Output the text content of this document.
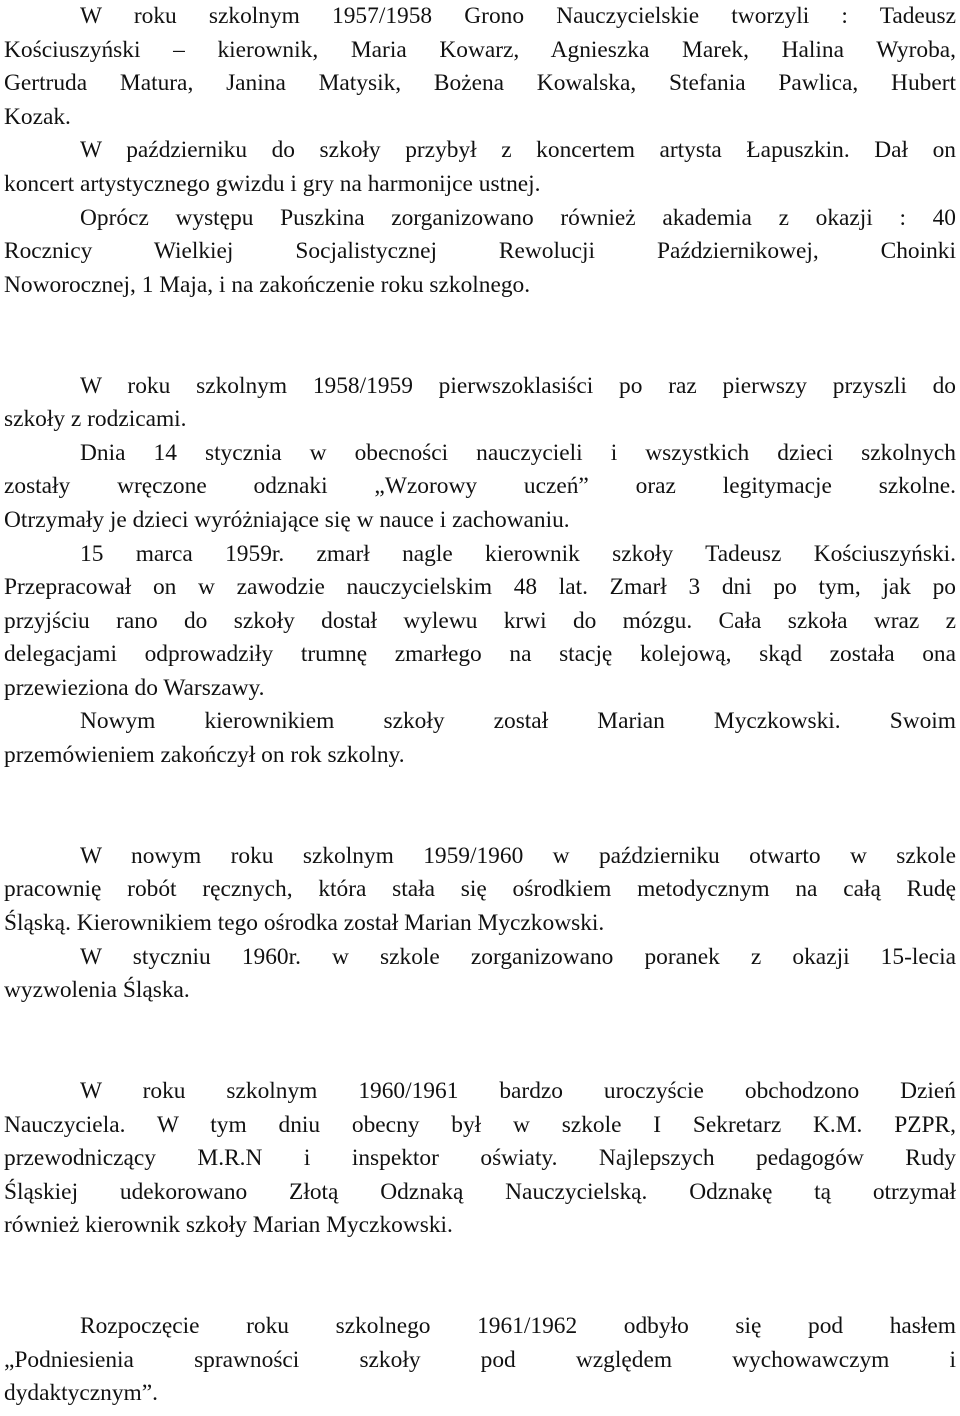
W roku szkolnym 1957/1958 Grono Nauczycielskie tworzyli : Tadeusz
Kościuszyński – kierownik, Maria Kowarz, Agnieszka Marek, Halina Wyroba,
Gertruda Matura, Janina Matysik, Bożena Kowalska, Stefania Pawlica, Hubert
Kozak.
W październiku do szkoły przybył z koncertem artysta Łapuszkin. Dał on
koncert artystycznego gwizdu i gry na harmonijce ustnej.
Oprócz występu Puszkina zorganizowano również akademia z okazji : 40
Rocznicy Wielkiej Socjalistycznej Rewolucji Październikowej, Choinki
Noworocznej, 1 Maja, i na zakończenie roku szkolnego.
W roku szkolnym 1958/1959 pierwszoklasiści po raz pierwszy przyszli do
szkoły z rodzicami.
Dnia 14 stycznia w obecności nauczycieli i wszystkich dzieci szkolnych
zostały wręczone odznaki „Wzorowy uczeń” oraz legitymacje szkolne.
Otrzymały je dzieci wyróżniające się w nauce i zachowaniu.
15 marca 1959r. zmarł nagle kierownik szkoły Tadeusz Kościuszyński.
Przepracował on w zawodzie nauczycielskim 48 lat. Zmarł 3 dni po tym, jak po
przyjściu rano do szkoły dostał wylewu krwi do mózgu. Cała szkoła wraz z
delegacjami odprowadziły trumnę zmarłego na stację kolejową, skąd została ona
przewieziona do Warszawy.
Nowym kierownikiem szkoły został Marian Myczkowski. Swoim
przemówieniem zakończył on rok szkolny.
W nowym roku szkolnym 1959/1960 w październiku otwarto w szkole
pracownię robót ręcznych, która stała się ośrodkiem metodycznym na całą Rudę
Śląską. Kierownikiem tego ośrodka został Marian Myczkowski.
W styczniu 1960r. w szkole zorganizowano poranek z okazji 15-lecia
wyzwolenia Śląska.
W roku szkolnym 1960/1961 bardzo uroczyście obchodzono Dzień
Nauczyciela. W tym dniu obecny był w szkole I Sekretarz K.M. PZPR,
przewodniczący M.R.N i inspektor oświaty. Najlepszych pedagogów Rudy
Śląskiej udekorowano Złotą Odznaką Nauczycielską. Odznakę tą otrzymał
również kierownik szkoły Marian Myczkowski.
Rozpoczęcie roku szkolnego 1961/1962 odbyło się pod hasłem
„Podniesienia sprawności szkoły pod względem wychowawczym i
dydaktycznym”.
